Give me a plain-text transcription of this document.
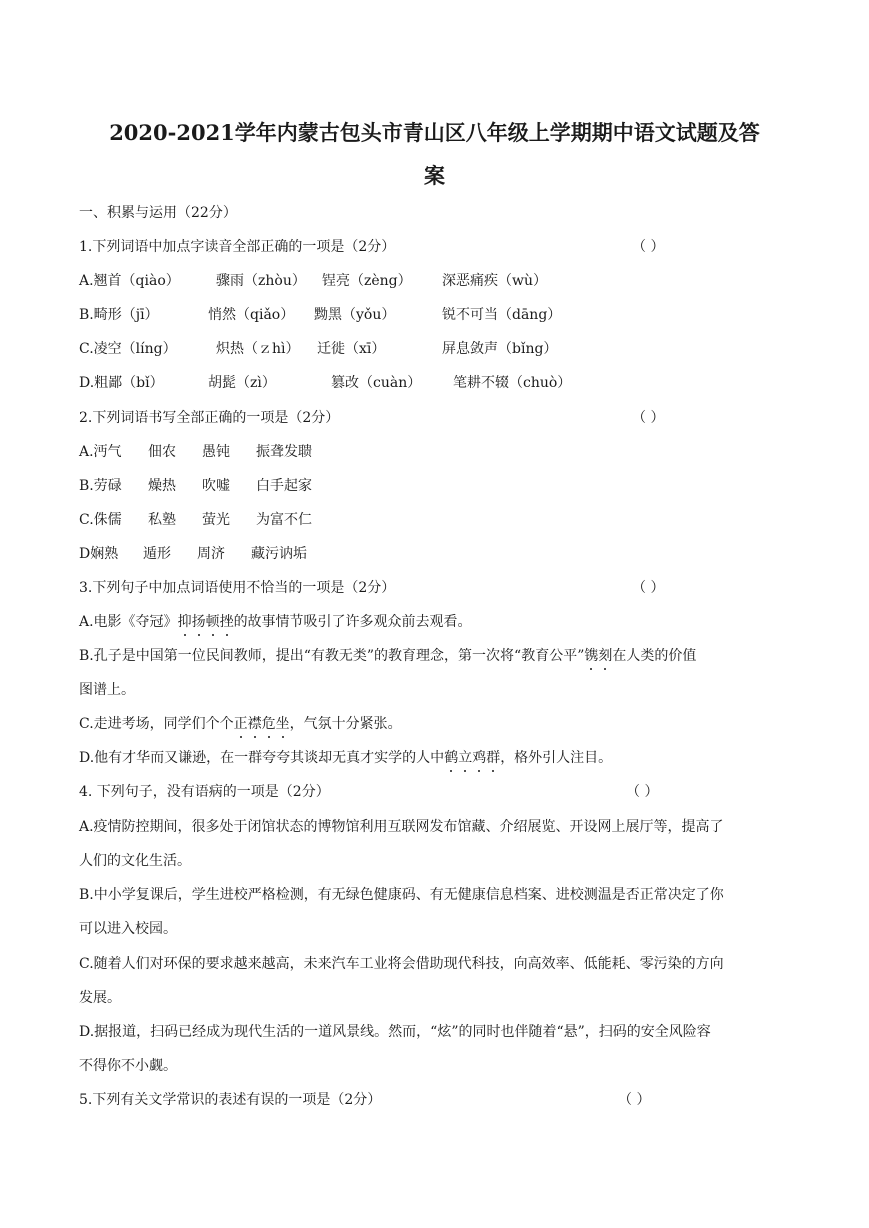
2020-2021学年内蒙古包头市青山区八年级上学期期中语文试题及答
案
一、积累与运用（22分）
1.下列词语中加点字读音全部正确的一项是（2分）	（ ）
A.翘首（qiào）	骤雨（zhòu） 锃亮（zèng） 深恶痛疾（wù）
B.畸形（jī）	悄然（qiǎo） 黝黑（yǒu）	锐不可当（dāng）
C.凌空（líng）	炽热（ｚhì） 迁徙（xī）	屏息敛声（bǐng）
D.粗鄙（bǐ）	胡髭（zì）	篡改（cuàn） 笔耕不辍（chuò）
2.下列词语书写全部正确的一项是（2分）	（ ）
A.沔气 佃农 愚钝 振聋发聩
B.劳碌 燥热 吹嘘 白手起家
C.侏儒 私塾 萤光 为富不仁
D娴熟 遁形 周济 藏污讷垢
3.下列句子中加点词语使用不恰当的一项是（2分）	（ ）
A.电影《夺冠》抑扬顿挫的故事情节吸引了许多观众前去观看。
B.孔子是中国第一位民间教师，提出“有教无类”的教育理念，第一次将“教育公平”镌刻在人类的价值
图谱上。
C.走进考场，同学们个个正襟危坐，气氛十分紧张。
D.他有才华而又谦逊，在一群夸夸其谈却无真才实学的人中鹤立鸡群，格外引人注目。
4. 下列句子，没有语病的一项是（2分）	（ ）
A.疫情防控期间，很多处于闭馆状态的博物馆利用互联网发布馆藏、介绍展览、开设网上展厅等，提高了
人们的文化生活。
B.中小学复课后，学生进校严格检测，有无绿色健康码、有无健康信息档案、进校测温是否正常决定了你
可以进入校园。
C.随着人们对环保的要求越来越高，未来汽车工业将会借助现代科技，向高效率、低能耗、零污染的方向
发展。
D.据报道，扫码已经成为现代生活的一道风景线。然而，“炫”的同时也伴随着“悬”，扫码的安全风险容
不得你不小觑。
5.下列有关文学常识的表述有误的一项是（2分）	（ ）
